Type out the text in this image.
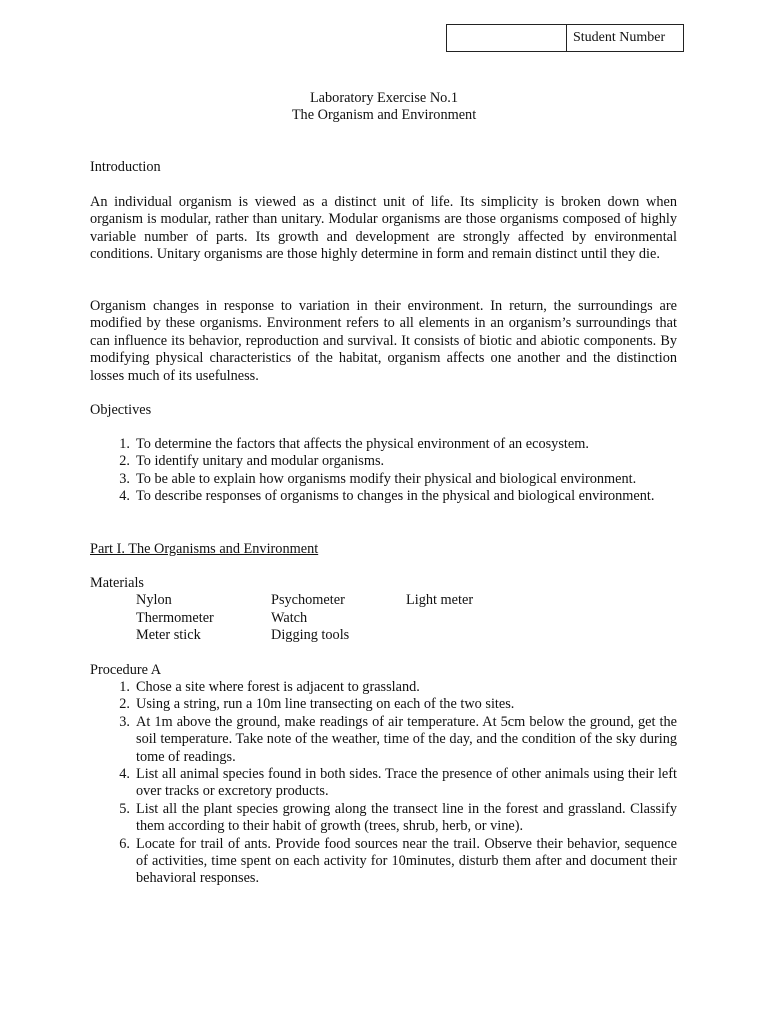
Student Number
Laboratory Exercise No.1
The Organism and Environment
Introduction

An individual organism is viewed as a distinct unit of life. Its simplicity is broken down when organism is modular, rather than unitary. Modular organisms are those organisms composed of highly variable number of parts. Its growth and development are strongly affected by environmental conditions. Unitary organisms are those highly determine in form and remain distinct until they die.

Organism changes in response to variation in their environment. In return, the surroundings are modified by these organisms. Environment refers to all elements in an organism’s surroundings that can influence its behavior, reproduction and survival. It consists of biotic and abiotic components. By modifying physical characteristics of the habitat, organism affects one another and the distinction losses much of its usefulness.

Objectives
1. To determine the factors that affects the physical environment of an ecosystem.
2. To identify unitary and modular organisms.
3. To be able to explain how organisms modify their physical and biological environment.
4. To describe responses of organisms to changes in the physical and biological environment.
Part I. The Organisms and Environment
Materials
Nylon
Thermometer
Meter stick
Psychometer
Watch
Digging tools
Light meter
Procedure A
1. Chose a site where forest is adjacent to grassland.
2. Using a string, run a 10m line transecting on each of the two sites.
3. At 1m above the ground, make readings of air temperature. At 5cm below the ground, get the soil temperature. Take note of the weather, time of the day, and the condition of the sky during tome of readings.
4. List all animal species found in both sides. Trace the presence of other animals using their left over tracks or excretory products.
5. List all the plant species growing along the transect line in the forest and grassland. Classify them according to their habit of growth (trees, shrub, herb, or vine).
6. Locate for trail of ants. Provide food sources near the trail. Observe their behavior, sequence of activities, time spent on each activity for 10minutes, disturb them after and document their behavioral responses.
